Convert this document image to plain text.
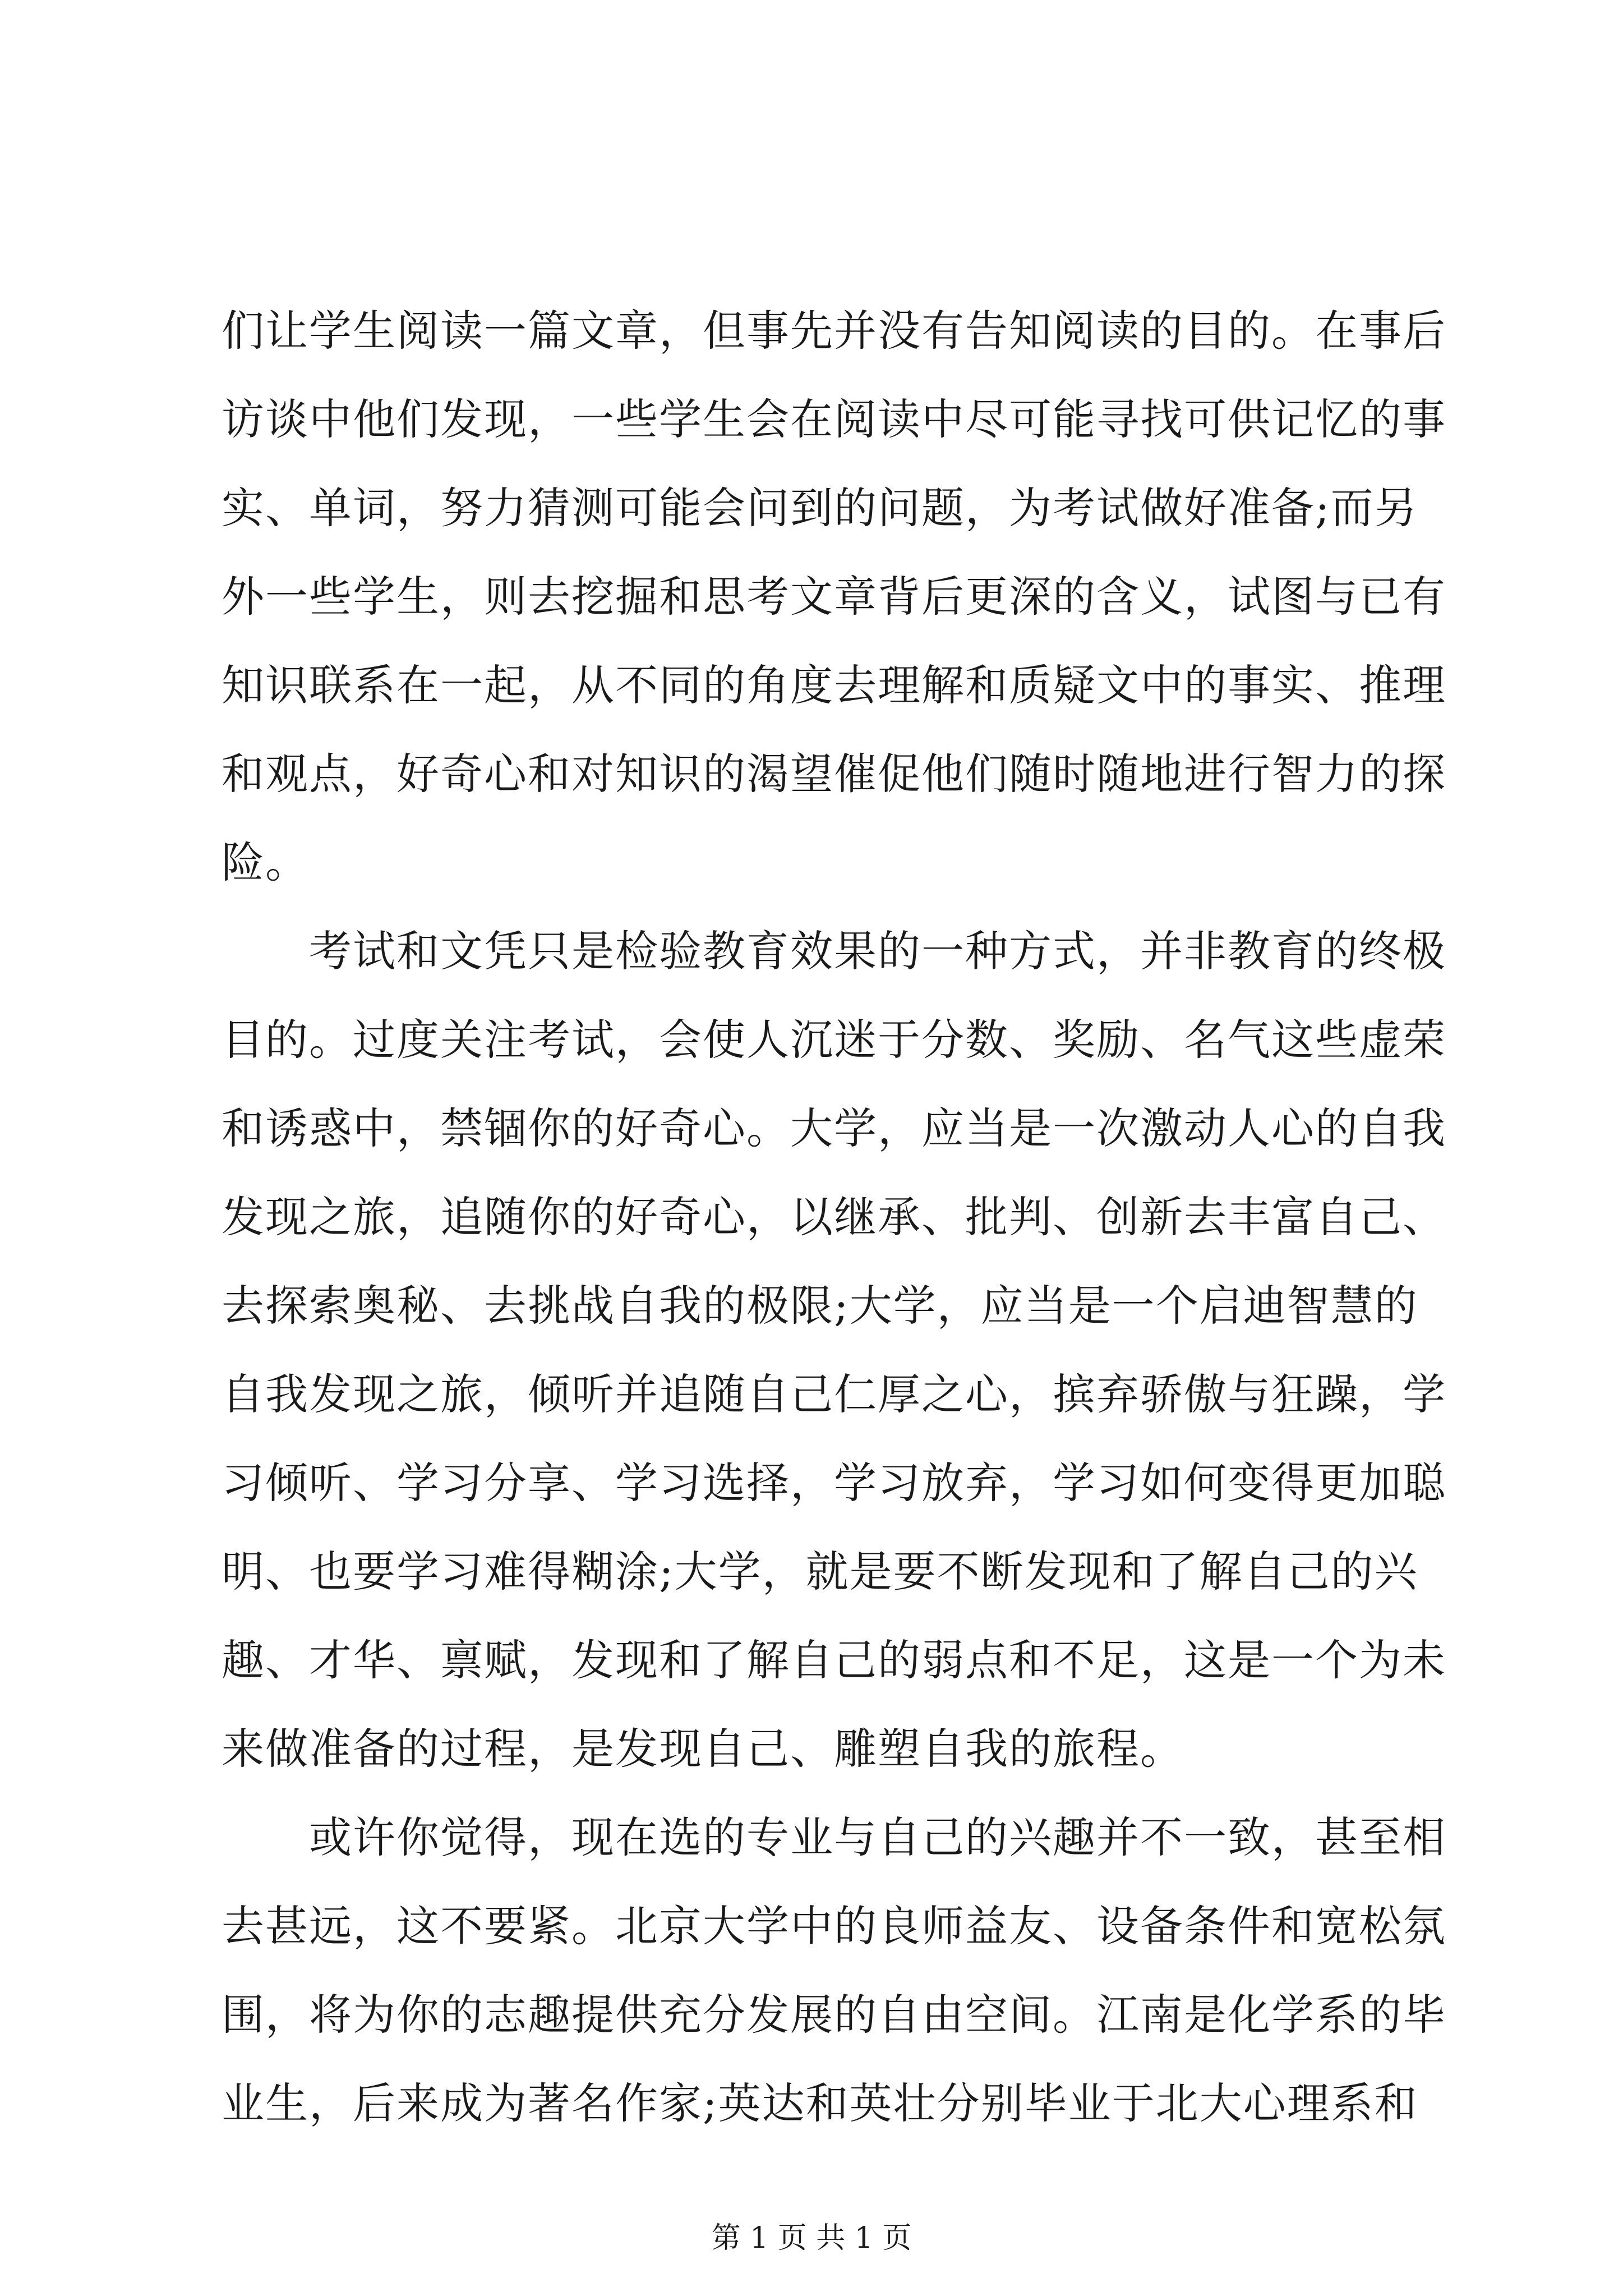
们让学生阅读一篇文章，但事先并没有告知阅读的目的。在事后
访谈中他们发现，一些学生会在阅读中尽可能寻找可供记忆的事
实、单词，努力猜测可能会问到的问题，为考试做好准备;而另
外一些学生，则去挖掘和思考文章背后更深的含义，试图与已有
知识联系在一起，从不同的角度去理解和质疑文中的事实、推理
和观点，好奇心和对知识的渴望催促他们随时随地进行智力的探
险。
　　考试和文凭只是检验教育效果的一种方式，并非教育的终极
目的。过度关注考试，会使人沉迷于分数、奖励、名气这些虚荣
和诱惑中，禁锢你的好奇心。大学，应当是一次激动人心的自我
发现之旅，追随你的好奇心，以继承、批判、创新去丰富自己、
去探索奥秘、去挑战自我的极限;大学，应当是一个启迪智慧的
自我发现之旅，倾听并追随自己仁厚之心，摈弃骄傲与狂躁，学
习倾听、学习分享、学习选择，学习放弃，学习如何变得更加聪
明、也要学习难得糊涂;大学，就是要不断发现和了解自己的兴
趣、才华、禀赋，发现和了解自己的弱点和不足，这是一个为未
来做准备的过程，是发现自己、雕塑自我的旅程。
　　或许你觉得，现在选的专业与自己的兴趣并不一致，甚至相
去甚远，这不要紧。北京大学中的良师益友、设备条件和宽松氛
围，将为你的志趣提供充分发展的自由空间。江南是化学系的毕
业生，后来成为著名作家;英达和英壮分别毕业于北大心理系和
第 1 页 共 1 页
